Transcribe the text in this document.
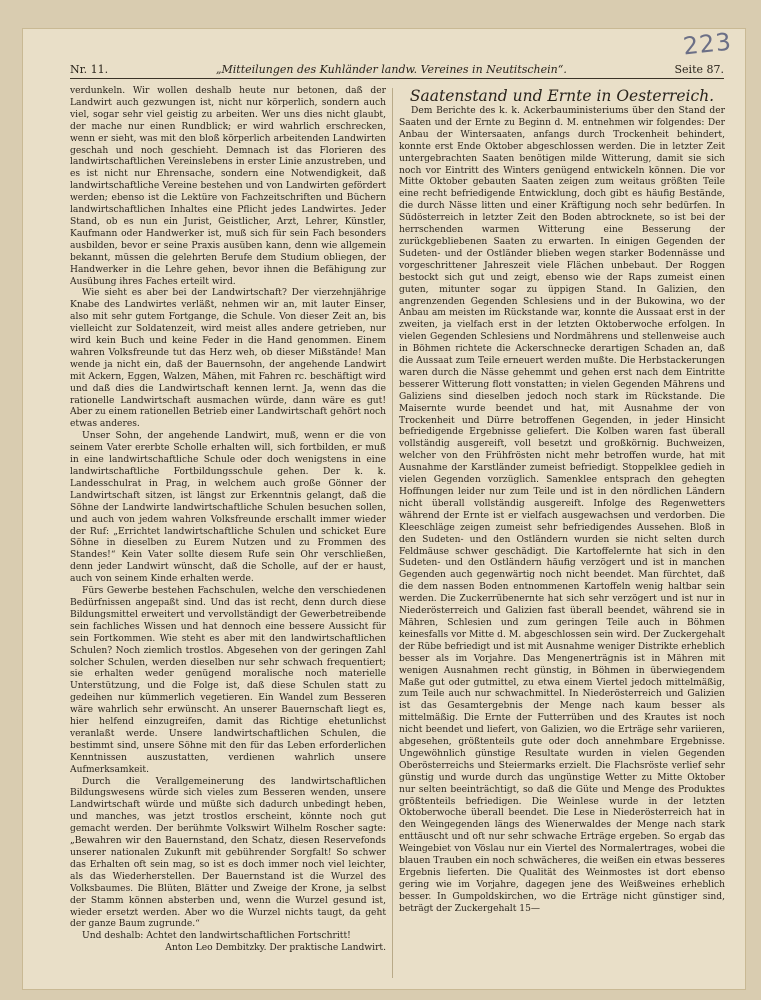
223
Nr. 11.	„Mitteilungen des Kuhländer landw. Vereines in Neutitschein“.	Seite 87.

verdunkeln. Wir wollen deshalb heute nur betonen, daß der Landwirt auch gezwungen ist, nicht nur körperlich, sondern auch viel, sogar sehr viel geistig zu arbeiten. Wer uns dies nicht glaubt, der mache nur einen Rundblick; er wird wahrlich erschrecken, wenn er sieht, was mit den bloß körperlich arbeitenden Landwirten geschah und noch geschieht. Demnach ist das Florieren des landwirtschaftlichen Vereinslebens in erster Linie anzustreben, und es ist nicht nur Ehrensache, sondern eine Notwendigkeit, daß landwirtschaftliche Vereine bestehen und von Landwirten gefördert werden; ebenso ist die Lektüre von Fachzeitschriften und Büchern landwirtschaftlichen Inhaltes eine Pflicht jedes Landwirtes. Jeder Stand, ob es nun ein Jurist, Geistlicher, Arzt, Lehrer, Künstler, Kaufmann oder Handwerker ist, muß sich für sein Fach besonders ausbilden, bevor er seine Praxis ausüben kann, denn wie allgemein bekannt, müssen die gelehrten Berufe dem Studium obliegen, der Handwerker in die Lehre gehen, bevor ihnen die Befähigung zur Ausübung ihres Faches erteilt wird.

Wie sieht es aber bei der Landwirtschaft? Der vierzehnjährige Knabe des Landwirtes verläßt, nehmen wir an, mit lauter Einser, also mit sehr gutem Fortgange, die Schule. Von dieser Zeit an, bis vielleicht zur Soldatenzeit, wird meist alles andere getrieben, nur wird kein Buch und keine Feder in die Hand genommen. Einem wahren Volksfreunde tut das Herz weh, ob dieser Mißstände! Man wende ja nicht ein, daß der Bauernsohn, der angehende Landwirt mit Ackern, Eggen, Walzen, Mähen, mit Fahren rc. beschäftigt wird und daß dies die Landwirtschaft kennen lernt. Ja, wenn das die rationelle Landwirtschaft ausmachen würde, dann wäre es gut! Aber zu einem rationellen Betrieb einer Landwirtschaft gehört noch etwas anderes.

Unser Sohn, der angehende Landwirt, muß, wenn er die von seinem Vater ererbte Scholle erhalten will, sich fortbilden, er muß in eine landwirtschaftliche Schule oder doch wenigstens in eine landwirtschaftliche Fortbildungsschule gehen. Der k. k. Landesschulrat in Prag, in welchem auch große Gönner der Landwirtschaft sitzen, ist längst zur Erkenntnis gelangt, daß die Söhne der Landwirte landwirtschaftliche Schulen besuchen sollen, und auch von jedem wahren Volksfreunde erschallt immer wieder der Ruf: „Errichtet landwirtschaftliche Schulen und schicket Eure Söhne in dieselben zu Eurem Nutzen und zu Frommen des Standes!“ Kein Vater sollte diesem Rufe sein Ohr verschließen, denn jeder Landwirt wünscht, daß die Scholle, auf der er haust, auch von seinem Kinde erhalten werde.

Fürs Gewerbe bestehen Fachschulen, welche den verschiedenen Bedürfnissen angepaßt sind. Und das ist recht, denn durch diese Bildungsmittel erweitert und vervollständigt der Gewerbetreibende sein fachliches Wissen und hat dennoch eine bessere Aussicht für sein Fortkommen. Wie steht es aber mit den landwirtschaftlichen Schulen? Noch ziemlich trostlos. Abgesehen von der geringen Zahl solcher Schulen, werden dieselben nur sehr schwach frequentiert; sie erhalten weder genügend moralische noch materielle Unterstützung, und die Folge ist, daß diese Schulen statt zu gedeihen nur kümmerlich vegetieren. Ein Wandel zum Besseren wäre wahrlich sehr erwünscht. An unserer Bauernschaft liegt es, hier helfend einzugreifen, damit das Richtige ehetunlichst veranlaßt werde. Unsere landwirtschaftlichen Schulen, die bestimmt sind, unsere Söhne mit den für das Leben erforderlichen Kenntnissen auszustatten, verdienen wahrlich unsere Aufmerksamkeit.

Durch die Verallgemeinerung des landwirtschaftlichen Bildungswesens würde sich vieles zum Besseren wenden, unsere Landwirtschaft würde und müßte sich dadurch unbedingt heben, und manches, was jetzt trostlos erscheint, könnte noch gut gemacht werden. Der berühmte Volkswirt Wilhelm Roscher sagte: „Bewahren wir den Bauernstand, den Schatz, diesen Reservefonds unserer nationalen Zukunft mit gebührender Sorgfalt! So schwer das Erhalten oft sein mag, so ist es doch immer noch viel leichter, als das Wiederherstellen. Der Bauernstand ist die Wurzel des Volksbaumes. Die Blüten, Blätter und Zweige der Krone, ja selbst der Stamm können absterben und, wenn die Wurzel gesund ist, wieder ersetzt werden. Aber wo die Wurzel nichts taugt, da geht der ganze Baum zugrunde.“

Und deshalb: Achtet den landwirtschaftlichen Fortschritt!

Anton Leo Dembitzky. Der praktische Landwirt.

Saatenstand und Ernte in Oesterreich.

Dem Berichte des k. k. Ackerbauministeriums über den Stand der Saaten und der Ernte zu Beginn d. M. entnehmen wir folgendes: Der Anbau der Wintersaaten, anfangs durch Trockenheit behindert, konnte erst Ende Oktober abgeschlossen werden. Die in letzter Zeit untergebrachten Saaten benötigen milde Witterung, damit sie sich noch vor Eintritt des Winters genügend entwickeln können. Die vor Mitte Oktober gebauten Saaten zeigen zum weitaus größten Teile eine recht befriedigende Entwicklung, doch gibt es häufig Bestände, die durch Nässe litten und einer Kräftigung noch sehr bedürfen. In Südösterreich in letzter Zeit den Boden abtrocknete, so ist bei der herrschenden warmen Witterung eine Besserung der zurückgebliebenen Saaten zu erwarten. In einigen Gegenden der Sudeten- und der Ostländer blieben wegen starker Bodennässe und vorgeschrittener Jahreszeit viele Flächen unbebaut. Der Roggen bestockt sich gut und zeigt, ebenso wie der Raps zumeist einen guten, mitunter sogar zu üppigen Stand. In Galizien, den angrenzenden Gegenden Schlesiens und in der Bukowina, wo der Anbau am meisten im Rückstande war, konnte die Aussaat erst in der zweiten, ja vielfach erst in der letzten Oktoberwoche erfolgen. In vielen Gegenden Schlesiens und Nordmährens und stellenweise auch in Böhmen richtete die Ackerschnecke derartigen Schaden an, daß die Aussaat zum Teile erneuert werden mußte. Die Herbstackerungen waren durch die Nässe gehemmt und gehen erst nach dem Eintritte besserer Witterung flott vonstatten; in vielen Gegenden Mährens und Galiziens sind dieselben jedoch noch stark im Rückstande. Die Maisernte wurde beendet und hat, mit Ausnahme der von Trockenheit und Dürre betroffenen Gegenden, in jeder Hinsicht befriedigende Ergebnisse geliefert. Die Kolben waren fast überall vollständig ausgereift, voll besetzt und großkörnig. Buchweizen, welcher von den Frühfrösten nicht mehr betroffen wurde, hat mit Ausnahme der Karstländer zumeist befriedigt. Stoppelklee gedieh in vielen Gegenden vorzüglich. Samenklee entsprach den gehegten Hoffnungen leider nur zum Teile und ist in den nördlichen Ländern nicht überall vollständig ausgereift. Infolge des Regenwetters während der Ernte ist er vielfach ausgewachsen und verdorben. Die Kleeschläge zeigen zumeist sehr befriedigendes Aussehen. Bloß in den Sudeten- und den Ostländern wurden sie nicht selten durch Feldmäuse schwer geschädigt. Die Kartoffelernte hat sich in den Sudeten- und den Ostländern häufig verzögert und ist in manchen Gegenden auch gegenwärtig noch nicht beendet. Man fürchtet, daß die dem nassen Boden entnommenen Kartoffeln wenig haltbar sein werden. Die Zuckerrübenernte hat sich sehr verzögert und ist nur in Niederösterreich und Galizien fast überall beendet, während sie in Mähren, Schlesien und zum geringen Teile auch in Böhmen keinesfalls vor Mitte d. M. abgeschlossen sein wird. Der Zuckergehalt der Rübe befriedigt und ist mit Ausnahme weniger Distrikte erheblich besser als im Vorjahre. Das Mengenerträgnis ist in Mähren mit wenigen Ausnahmen recht günstig, in Böhmen in überwiegendem Maße gut oder gutmittel, zu etwa einem Viertel jedoch mittelmäßig, zum Teile auch nur schwachmittel. In Niederösterreich und Galizien ist das Gesamtergebnis der Menge nach kaum besser als mittelmäßig. Die Ernte der Futterrüben und des Krautes ist noch nicht beendet und liefert, von Galizien, wo die Erträge sehr variieren, abgesehen, größtenteils gute oder doch annehmbare Ergebnisse. Ungewöhnlich günstige Resultate wurden in vielen Gegenden Oberösterreichs und Steiermarks erzielt. Die Flachsröste verlief sehr günstig und wurde durch das ungünstige Wetter zu Mitte Oktober nur selten beeinträchtigt, so daß die Güte und Menge des Produktes größtenteils befriedigen. Die Weinlese wurde in der letzten Oktoberwoche überall beendet. Die Lese in Niederösterreich hat in den Weingegenden längs des Wienerwaldes der Menge nach stark enttäuscht und oft nur sehr schwache Erträge ergeben. So ergab das Weingebiet von Vöslau nur ein Viertel des Normalertrages, wobei die blauen Trauben ein noch schwächeres, die weißen ein etwas besseres Ergebnis lieferten. Die Qualität des Weinmostes ist dort ebenso gering wie im Vorjahre, dagegen jene des Weißweines erheblich besser. In Gumpoldskirchen, wo die Erträge nicht günstiger sind, beträgt der Zuckergehalt 15—
